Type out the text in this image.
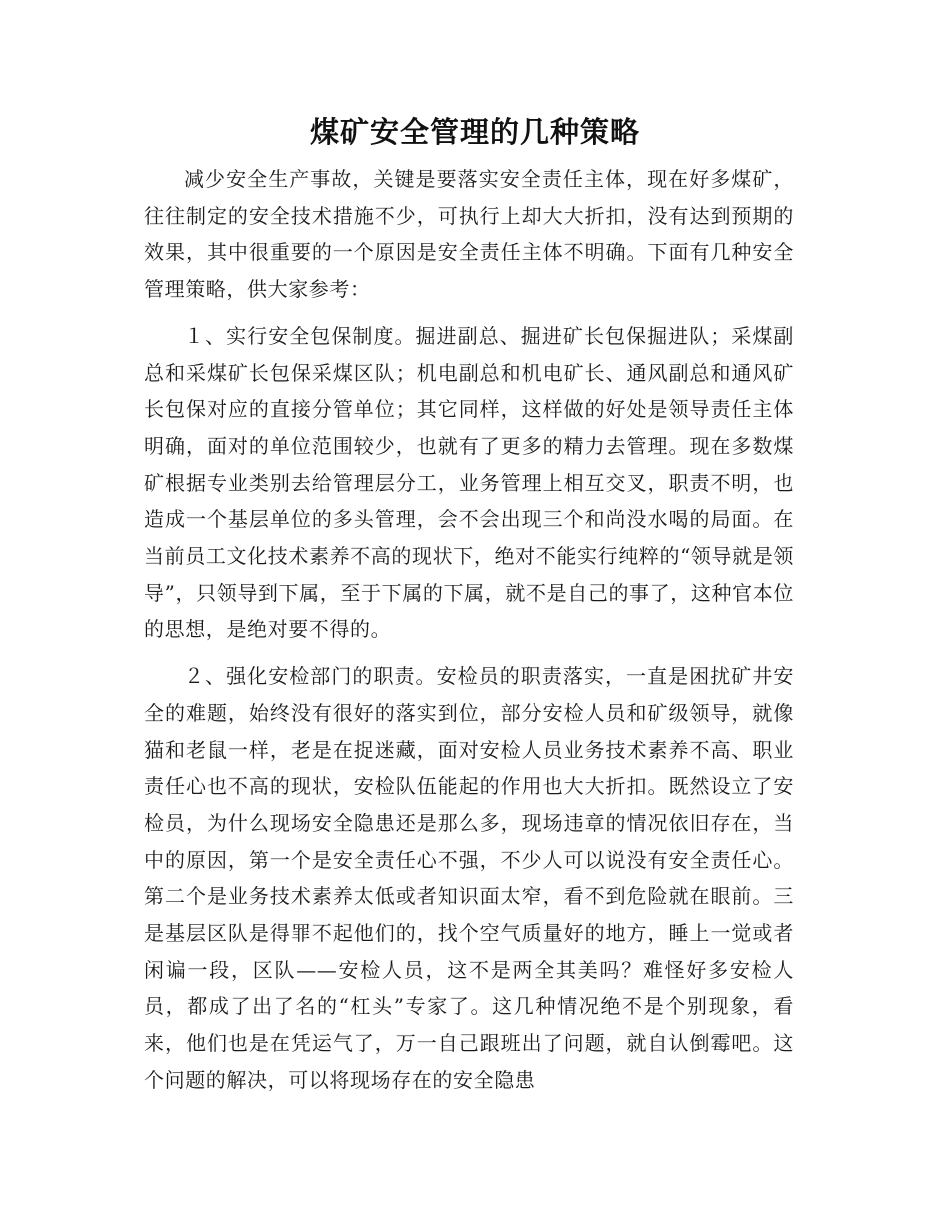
煤矿安全管理的几种策略

减少安全生产事故，关键是要落实安全责任主体，现在好多煤矿，往往制定的安全技术措施不少，可执行上却大大折扣，没有达到预期的效果，其中很重要的一个原因是安全责任主体不明确。下面有几种安全管理策略，供大家参考：

１、实行安全包保制度。掘进副总、掘进矿长包保掘进队；采煤副总和采煤矿长包保采煤区队；机电副总和机电矿长、通风副总和通风矿长包保对应的直接分管单位；其它同样，这样做的好处是领导责任主体明确，面对的单位范围较少，也就有了更多的精力去管理。现在多数煤矿根据专业类别去给管理层分工，业务管理上相互交叉，职责不明，也造成一个基层单位的多头管理，会不会出现三个和尚没水喝的局面。在当前员工文化技术素养不高的现状下，绝对不能实行纯粹的“领导就是领导”，只领导到下属，至于下属的下属，就不是自己的事了，这种官本位的思想，是绝对要不得的。

２、强化安检部门的职责。安检员的职责落实，一直是困扰矿井安全的难题，始终没有很好的落实到位，部分安检人员和矿级领导，就像猫和老鼠一样，老是在捉迷藏，面对安检人员业务技术素养不高、职业责任心也不高的现状，安检队伍能起的作用也大大折扣。既然设立了安检员，为什么现场安全隐患还是那么多，现场违章的情况依旧存在，当中的原因，第一个是安全责任心不强，不少人可以说没有安全责任心。第二个是业务技术素养太低或者知识面太窄，看不到危险就在眼前。三是基层区队是得罪不起他们的，找个空气质量好的地方，睡上一觉或者闲谝一段，区队——安检人员，这不是两全其美吗？难怪好多安检人员，都成了出了名的“杠头”专家了。这几种情况绝不是个别现象，看来，他们也是在凭运气了，万一自己跟班出了问题，就自认倒霉吧。这个问题的解决，可以将现场存在的安全隐患
